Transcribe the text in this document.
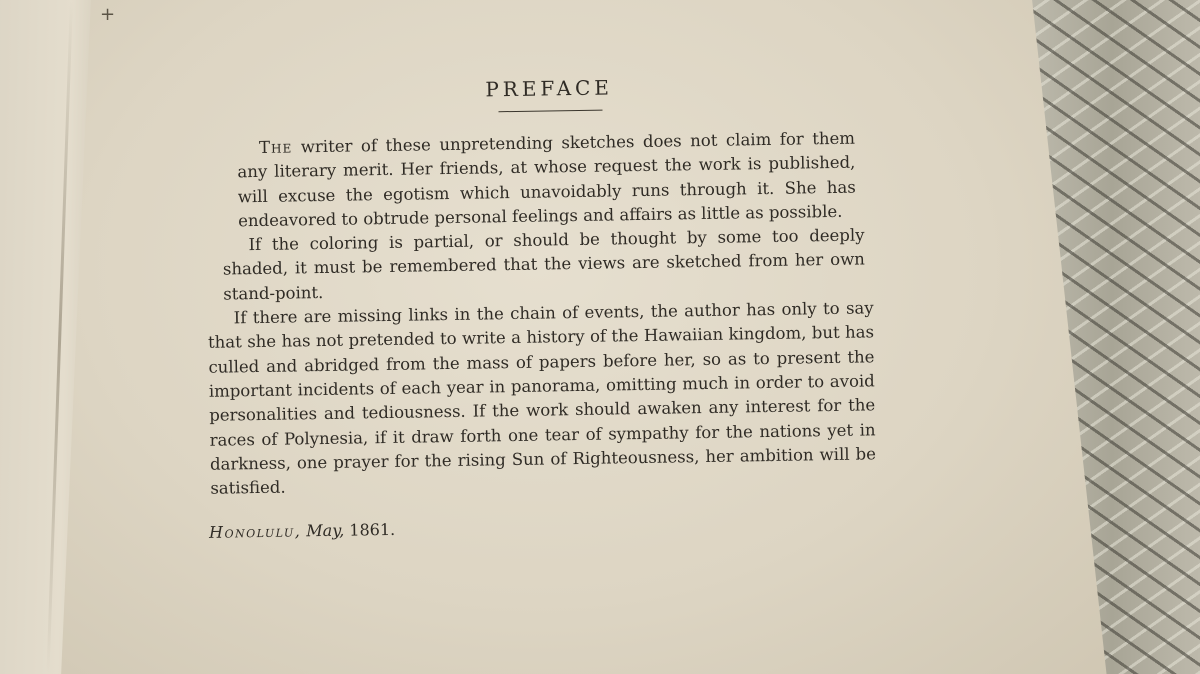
+
PREFACE

The writer of these unpretending sketches does not claim for them any literary merit. Her friends, at whose request the work is published, will excuse the egotism which unavoidably runs through it. She has endeavored to obtrude personal feelings and affairs as little as possible.

If the coloring is partial, or should be thought by some too deeply shaded, it must be remembered that the views are sketched from her own stand-point.

If there are missing links in the chain of events, the author has only to say that she has not pretended to write a history of the Hawaiian kingdom, but has culled and abridged from the mass of papers before her, so as to present the important incidents of each year in panorama, omitting much in order to avoid personalities and tediousness. If the work should awaken any interest for the races of Polynesia, if it draw forth one tear of sympathy for the nations yet in darkness, one prayer for the rising Sun of Righteousness, her ambition will be satisfied.

Honolulu, May, 1861.
